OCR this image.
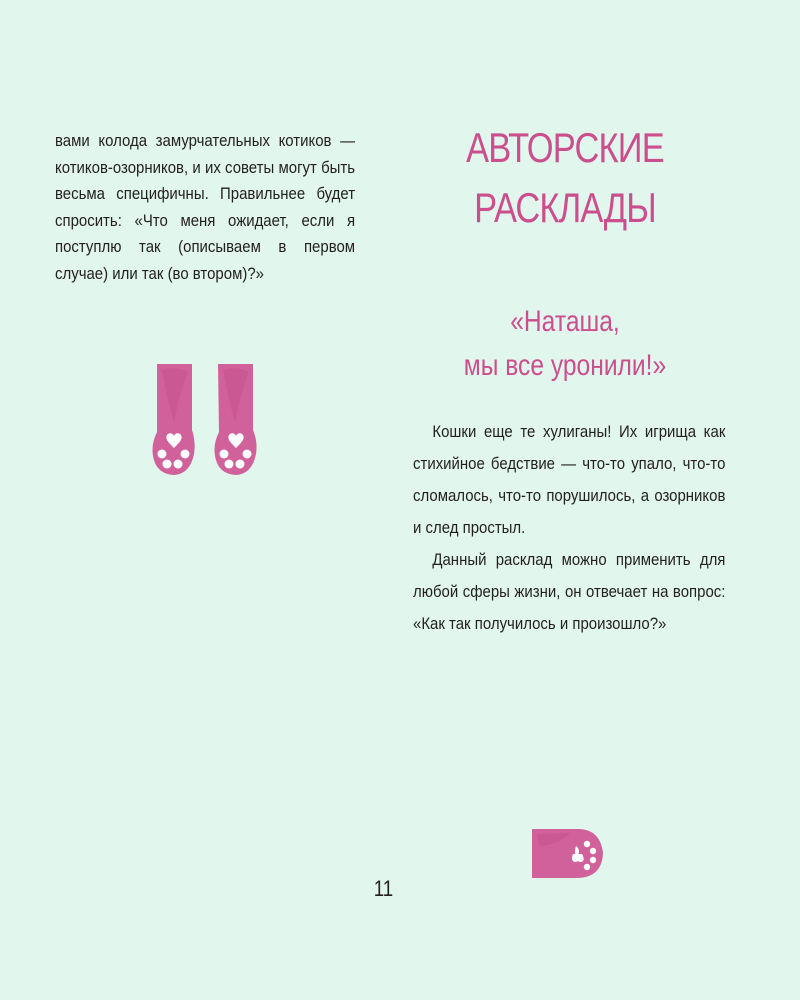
вами колода замурчательных котиков — котиков-озорников, и их советы могут быть весьма специфичны. Правильнее будет спросить: «Что меня ожидает, если я поступлю так (описываем в первом случае) или так (во втором)?»

АВТОРСКИЕ
РАСКЛАДЫ
«Наташа,
мы все уронили!»

Кошки еще те хулиганы! Их игрища как стихийное бедствие — что-то упало, что-то сломалось, что-то порушилось, а озорников и след простыл.

Данный расклад можно применить для любой сферы жизни, он отвечает на вопрос: «Как так получилось и произошло?»

11
